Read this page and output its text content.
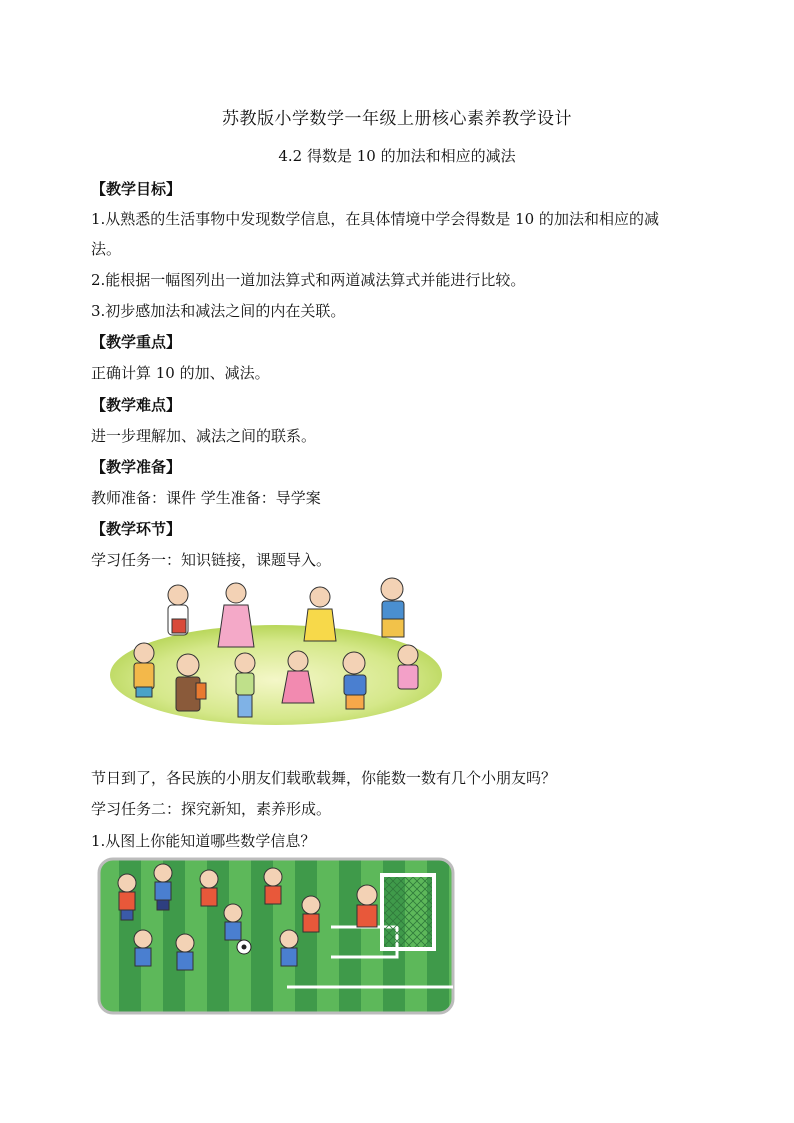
苏教版小学数学一年级上册核心素养教学设计
4.2 得数是 10 的加法和相应的减法
【教学目标】
1.从熟悉的生活事物中发现数学信息，在具体情境中学会得数是 10 的加法和相应的减
法。
2.能根据一幅图列出一道加法算式和两道减法算式并能进行比较。
3.初步感加法和减法之间的内在关联。
【教学重点】
正确计算 10 的加、减法。
【教学难点】
进一步理解加、减法之间的联系。
【教学准备】
教师准备：课件 学生准备：导学案
【教学环节】
学习任务一：知识链接，课题导入。
节日到了，各民族的小朋友们载歌载舞，你能数一数有几个小朋友吗？
学习任务二：探究新知，素养形成。
1.从图上你能知道哪些数学信息？
